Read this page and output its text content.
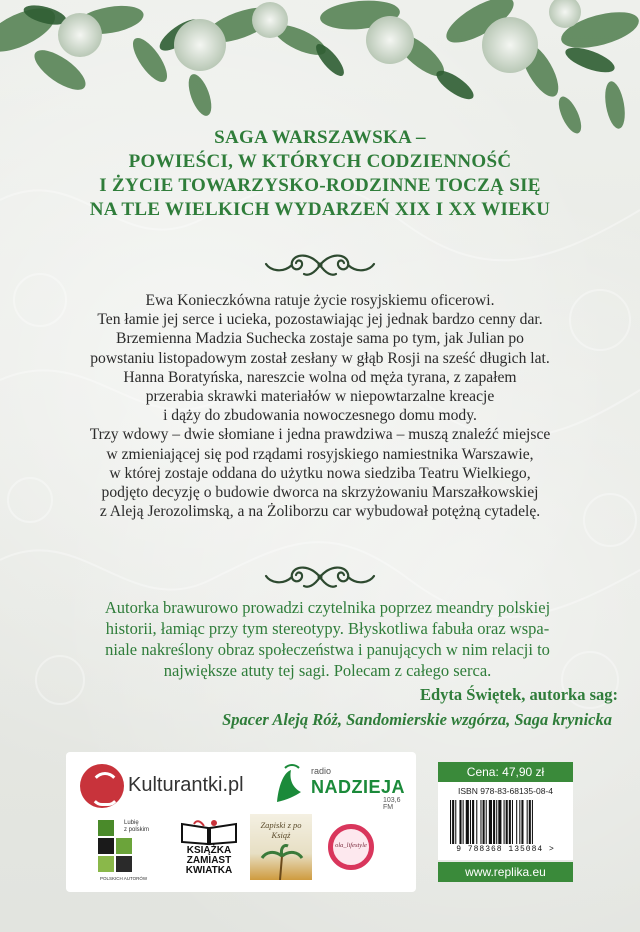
SAGA WARSZAWSKA –
POWIEŚCI, W KTÓRYCH CODZIENNOŚĆ
I ŻYCIE TOWARZYSKO-RODZINNE TOCZĄ SIĘ
NA TLE WIELKICH WYDARZEŃ XIX I XX WIEKU
Ewa Konieczkówna ratuje życie rosyjskiemu oficerowi.
Ten łamie jej serce i ucieka, pozostawiając jej jednak bardzo cenny dar.
Brzemienna Madzia Suchecka zostaje sama po tym, jak Julian po
powstaniu listopadowym został zesłany w głąb Rosji na sześć długich lat.
Hanna Boratyńska, nareszcie wolna od męża tyrana, z zapałem
przerabia skrawki materiałów w niepowtarzalne kreacje
i dąży do zbudowania nowoczesnego domu mody.
Trzy wdowy – dwie słomiane i jedna prawdziwa – muszą znaleźć miejsce
w zmieniającej się pod rządami rosyjskiego namiestnika Warszawie,
w której zostaje oddana do użytku nowa siedziba Teatru Wielkiego,
podjęto decyzję o budowie dworca na skrzyżowaniu Marszałkowskiej
z Aleją Jerozolimską, a na Żoliborzu car wybudował potężną cytadelę.
Autorka brawurowo prowadzi czytelnika poprzez meandry polskiej
historii, łamiąc przy tym stereotypy. Błyskotliwa fabuła oraz wspa-
niale nakreślony obraz społeczeństwa i panujących w nim relacji to
największe atuty tej sagi. Polecam z całego serca.
Edyta Świętek, autorka sag:
Spacer Aleją Róż, Sandomierskie wzgórza, Saga krynicka
Kulturantki.pl
radio
NADZIEJA
103,6 FM
Lubię
z polskim
POLSKICH AUTORÓW
KSIĄŻKA
ZAMIAST
KWIATKA
Zapiski z po Książ
ola_lifestyle
Cena: 47,90 zł
ISBN 978-83-68135-08-4
9 788368 135084 >
www.replika.eu
